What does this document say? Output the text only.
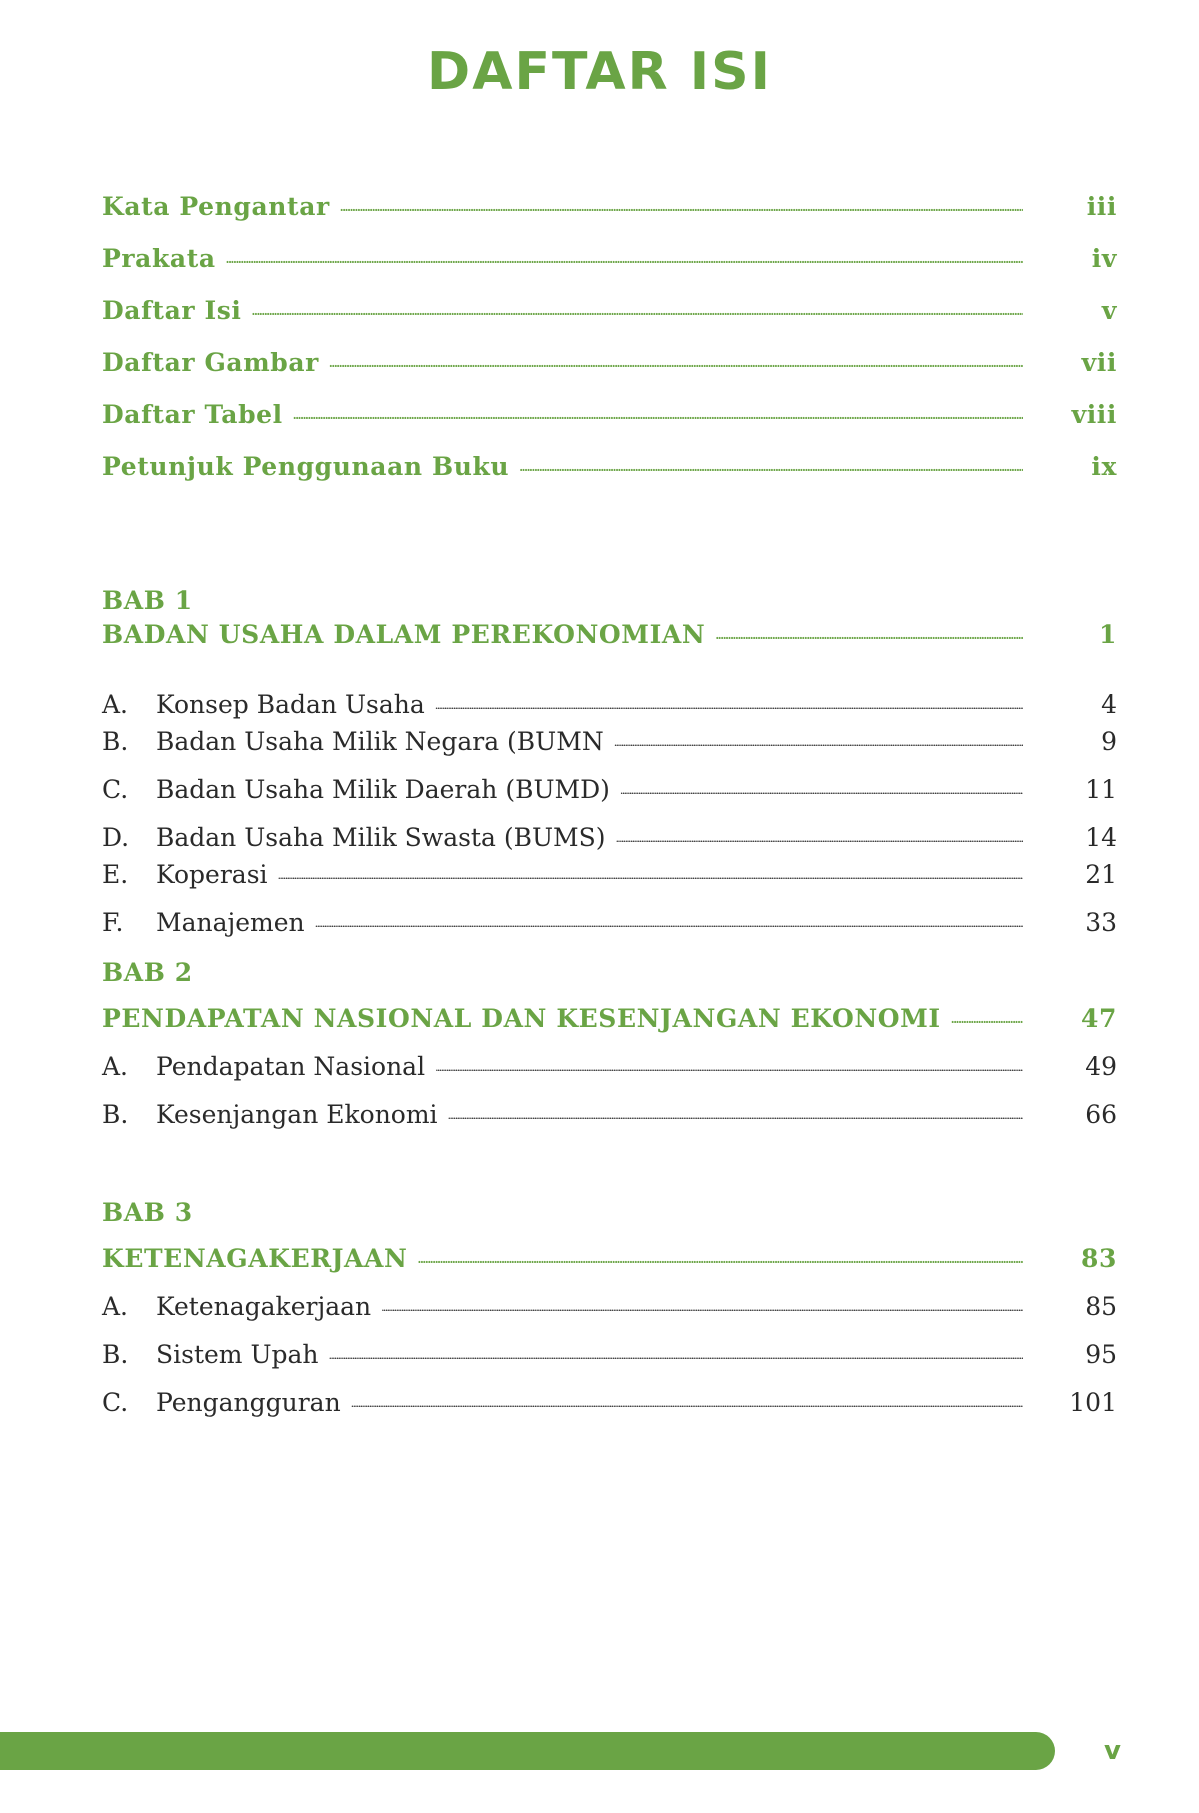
DAFTAR ISI
Kata Pengantar	iii
Prakata	iv
Daftar Isi	v
Daftar Gambar	vii
Daftar Tabel	viii
Petunjuk Penggunaan Buku	ix
BAB 1
BADAN USAHA DALAM PEREKONOMIAN	1
A. Konsep Badan Usaha	4
B. Badan Usaha Milik Negara (BUMN	9
C. Badan Usaha Milik Daerah (BUMD)	11
D. Badan Usaha Milik Swasta (BUMS)	14
E. Koperasi	21
F. Manajemen	33
BAB 2
PENDAPATAN NASIONAL DAN KESENJANGAN EKONOMI	47
A. Pendapatan Nasional	49
B. Kesenjangan Ekonomi	66
BAB 3
KETENAGAKERJAAN	83
A. Ketenagakerjaan	85
B. Sistem Upah	95
C. Pengangguran	101
v
